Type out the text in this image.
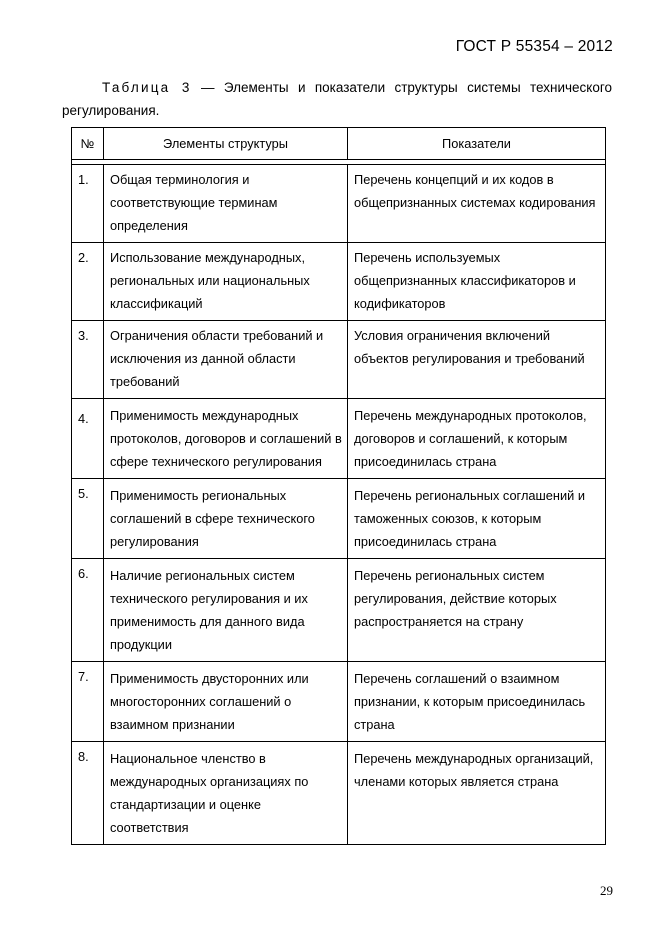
ГОСТ Р 55354 – 2012
Таблица 3 — Элементы и показатели структуры системы технического
регулирования.
№	Элементы структуры	Показатели

1.	Общая терминология и соответствующие терминам определения	Перечень концепций и их кодов в общепризнанных системах кодирования
2.	Использование международных, региональных или национальных классификаций	Перечень используемых общепризнанных классификаторов и кодификаторов
3.	Ограничения области требований и исключения из данной области требований	Условия ограничения включений объектов регулирования и требований
4.	Применимость международных протоколов, договоров и соглашений в сфере технического регулирования	Перечень международных протоколов, договоров и соглашений, к которым присоединилась страна
5.	Применимость региональных соглашений в сфере технического регулирования	Перечень региональных соглашений и таможенных союзов, к которым присоединилась страна
6.	Наличие региональных систем технического регулирования и их применимость для данного вида продукции	Перечень региональных систем регулирования, действие которых распространяется на страну
7.	Применимость двусторонних или многосторонних соглашений о взаимном признании	Перечень соглашений о взаимном признании, к которым присоединилась страна
8.	Национальное членство в международных организациях по стандартизации и оценке соответствия	Перечень международных организаций, членами которых является страна
29
